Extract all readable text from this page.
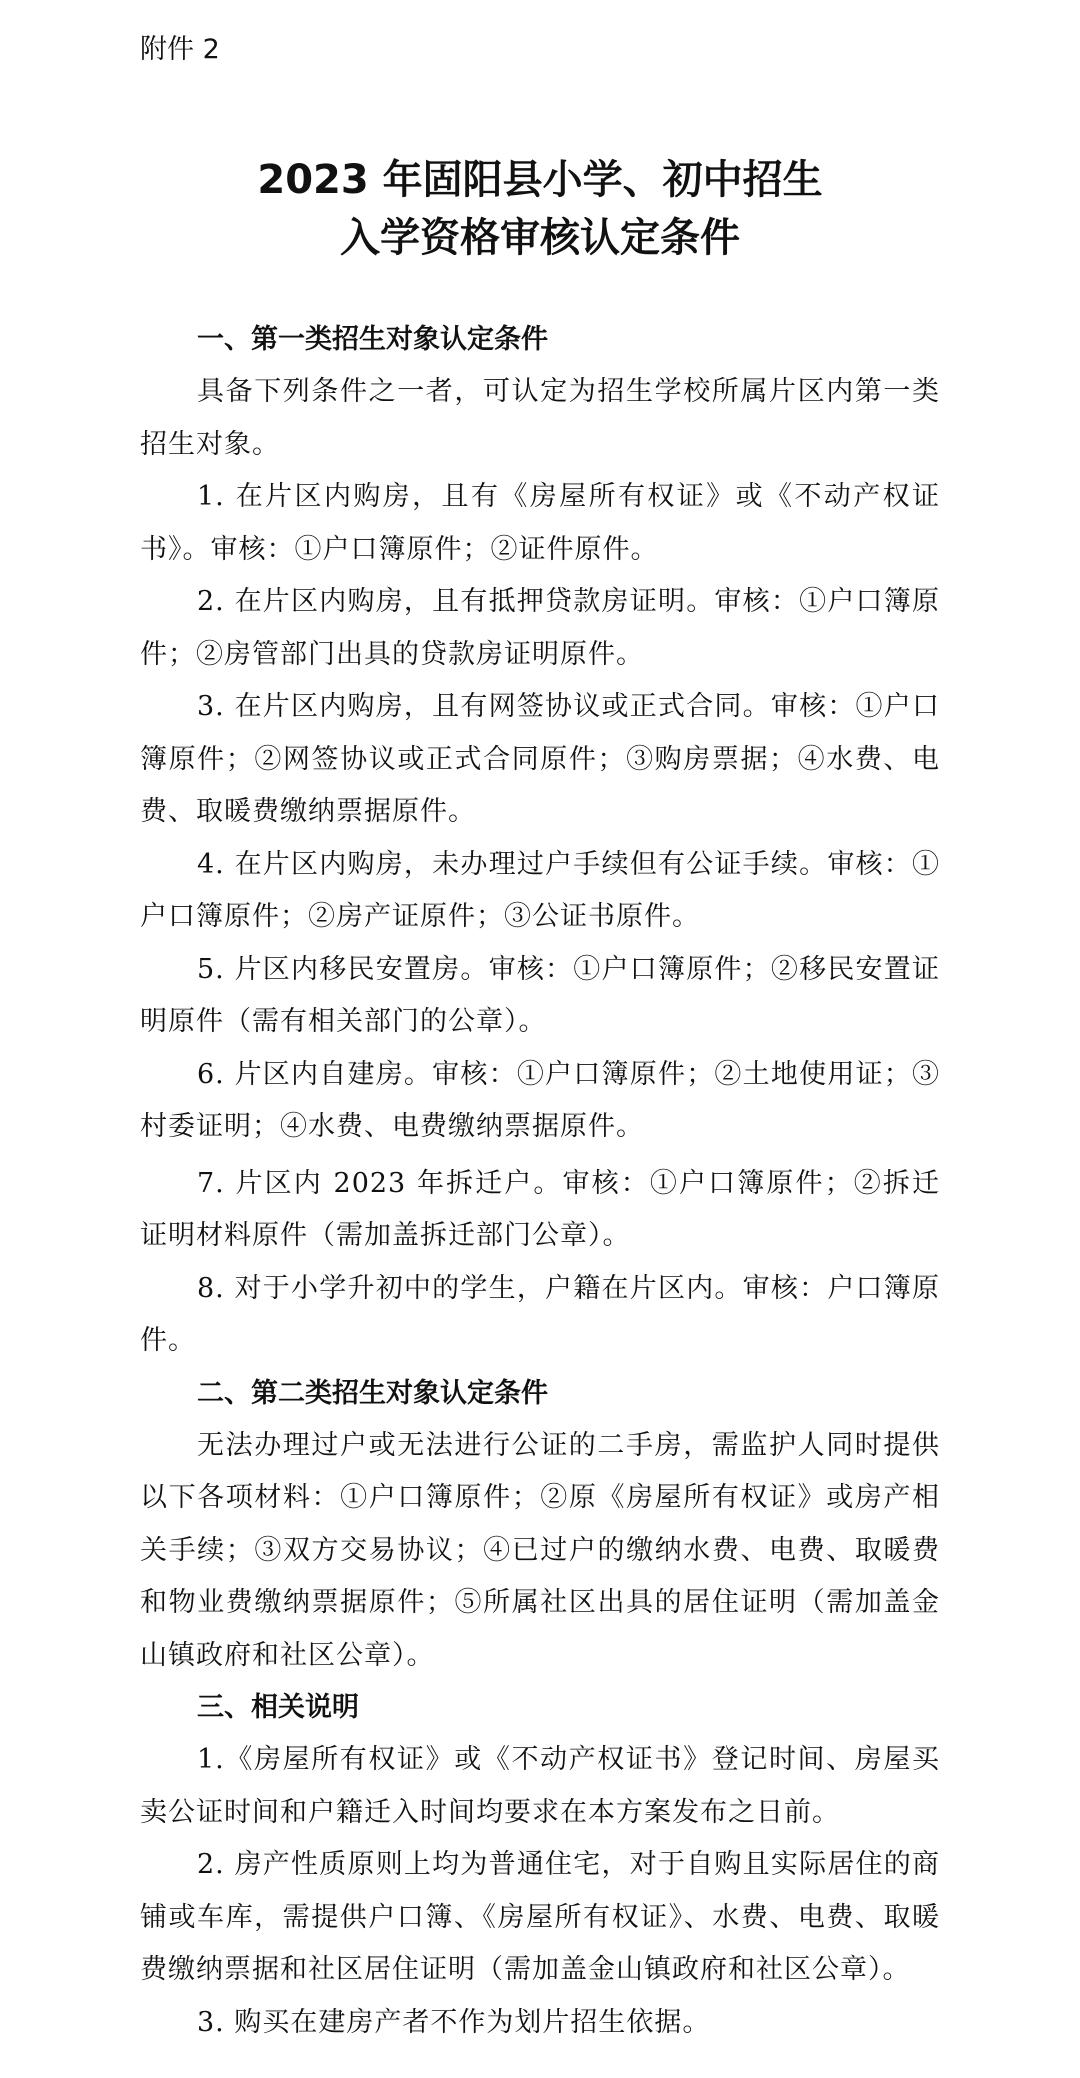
附件 2
2023 年固阳县小学、初中招生
入学资格审核认定条件
一、第一类招生对象认定条件

具备下列条件之一者，可认定为招生学校所属片区内第一类招生对象。

1. 在片区内购房，且有《房屋所有权证》或《不动产权证书》。审核：①户口簿原件；②证件原件。

2. 在片区内购房，且有抵押贷款房证明。审核：①户口簿原件；②房管部门出具的贷款房证明原件。

3. 在片区内购房，且有网签协议或正式合同。审核：①户口簿原件；②网签协议或正式合同原件；③购房票据；④水费、电费、取暖费缴纳票据原件。

4. 在片区内购房，未办理过户手续但有公证手续。审核：①户口簿原件；②房产证原件；③公证书原件。

5. 片区内移民安置房。审核：①户口簿原件；②移民安置证明原件（需有相关部门的公章）。

6. 片区内自建房。审核：①户口簿原件；②土地使用证；③村委证明；④水费、电费缴纳票据原件。

7. 片区内 2023 年拆迁户。审核：①户口簿原件；②拆迁证明材料原件（需加盖拆迁部门公章）。

8. 对于小学升初中的学生，户籍在片区内。审核：户口簿原件。

二、第二类招生对象认定条件

无法办理过户或无法进行公证的二手房，需监护人同时提供以下各项材料：①户口簿原件；②原《房屋所有权证》或房产相关手续；③双方交易协议；④已过户的缴纳水费、电费、取暖费和物业费缴纳票据原件；⑤所属社区出具的居住证明（需加盖金山镇政府和社区公章）。

三、相关说明

1.《房屋所有权证》或《不动产权证书》登记时间、房屋买卖公证时间和户籍迁入时间均要求在本方案发布之日前。

2. 房产性质原则上均为普通住宅，对于自购且实际居住的商铺或车库，需提供户口簿、《房屋所有权证》、水费、电费、取暖费缴纳票据和社区居住证明（需加盖金山镇政府和社区公章）。

3. 购买在建房产者不作为划片招生依据。
